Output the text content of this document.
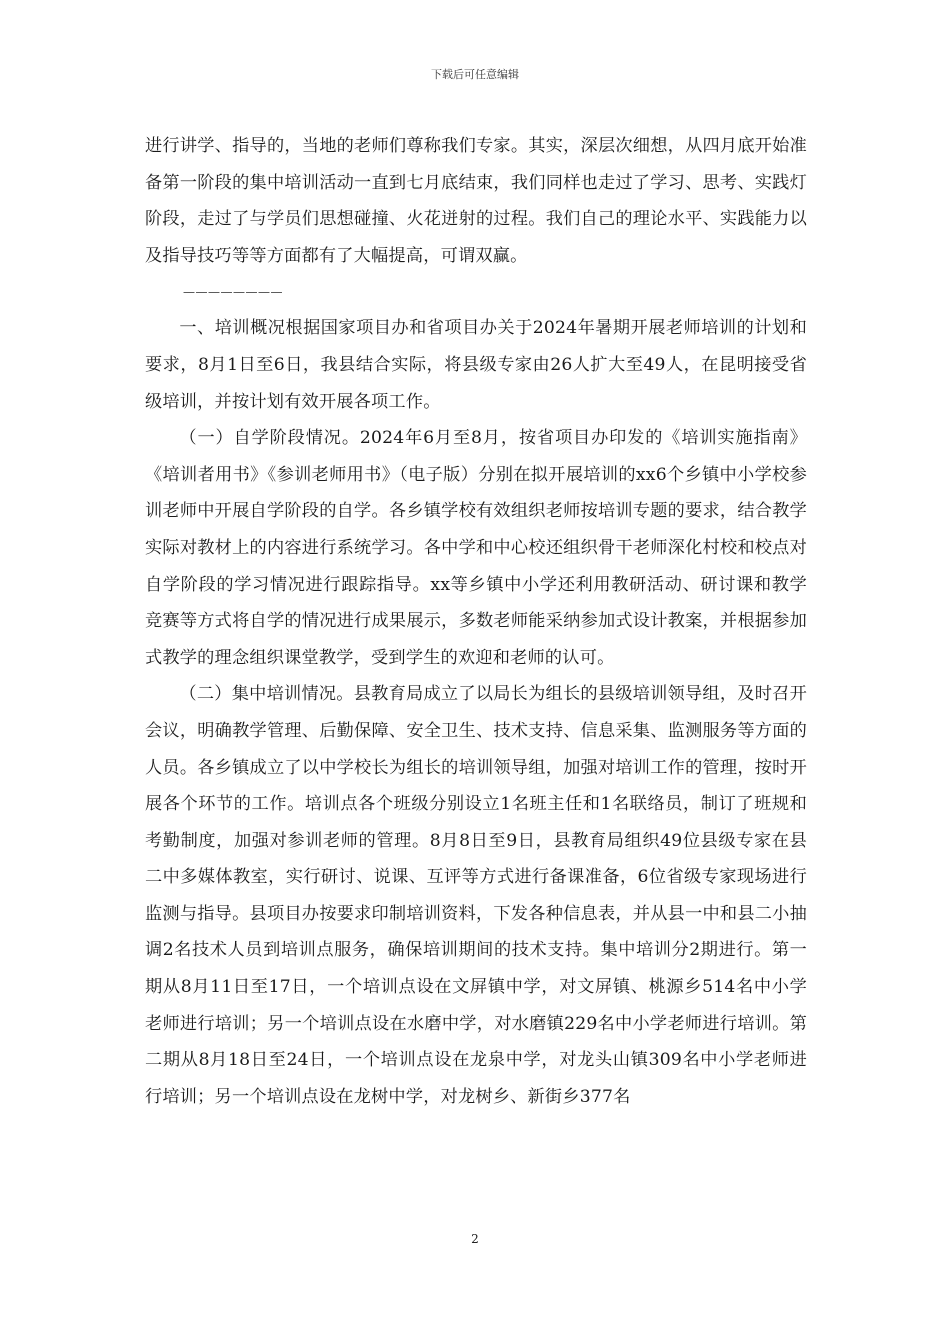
下载后可任意编辑

进行讲学、指导的，当地的老师们尊称我们专家。其实，深层次细想，从四月底开始准备第一阶段的集中培训活动一直到七月底结束，我们同样也走过了学习、思考、实践灯阶段，走过了与学员们思想碰撞、火花迸射的过程。我们自己的理论水平、实践能力以及指导技巧等等方面都有了大幅提高，可谓双赢。

————————

一、培训概况根据国家项目办和省项目办关于2024年暑期开展老师培训的计划和要求，8月1日至6日，我县结合实际，将县级专家由26人扩大至49人，在昆明接受省级培训，并按计划有效开展各项工作。

（一）自学阶段情况。2024年6月至8月，按省项目办印发的《培训实施指南》《培训者用书》《参训老师用书》（电子版）分别在拟开展培训的xx6个乡镇中小学校参训老师中开展自学阶段的自学。各乡镇学校有效组织老师按培训专题的要求，结合教学实际对教材上的内容进行系统学习。各中学和中心校还组织骨干老师深化村校和校点对自学阶段的学习情况进行跟踪指导。xx等乡镇中小学还利用教研活动、研讨课和教学竞赛等方式将自学的情况进行成果展示，多数老师能采纳参加式设计教案，并根据参加式教学的理念组织课堂教学，受到学生的欢迎和老师的认可。

（二）集中培训情况。县教育局成立了以局长为组长的县级培训领导组，及时召开会议，明确教学管理、后勤保障、安全卫生、技术支持、信息采集、监测服务等方面的人员。各乡镇成立了以中学校长为组长的培训领导组，加强对培训工作的管理，按时开展各个环节的工作。培训点各个班级分别设立1名班主任和1名联络员，制订了班规和考勤制度，加强对参训老师的管理。8月8日至9日，县教育局组织49位县级专家在县二中多媒体教室，实行研讨、说课、互评等方式进行备课准备，6位省级专家现场进行监测与指导。县项目办按要求印制培训资料，下发各种信息表，并从县一中和县二小抽调2名技术人员到培训点服务，确保培训期间的技术支持。集中培训分2期进行。第一期从8月11日至17日，一个培训点设在文屏镇中学，对文屏镇、桃源乡514名中小学老师进行培训；另一个培训点设在水磨中学，对水磨镇229名中小学老师进行培训。第二期从8月18日至24日，一个培训点设在龙泉中学，对龙头山镇309名中小学老师进行培训；另一个培训点设在龙树中学，对龙树乡、新街乡377名

2
